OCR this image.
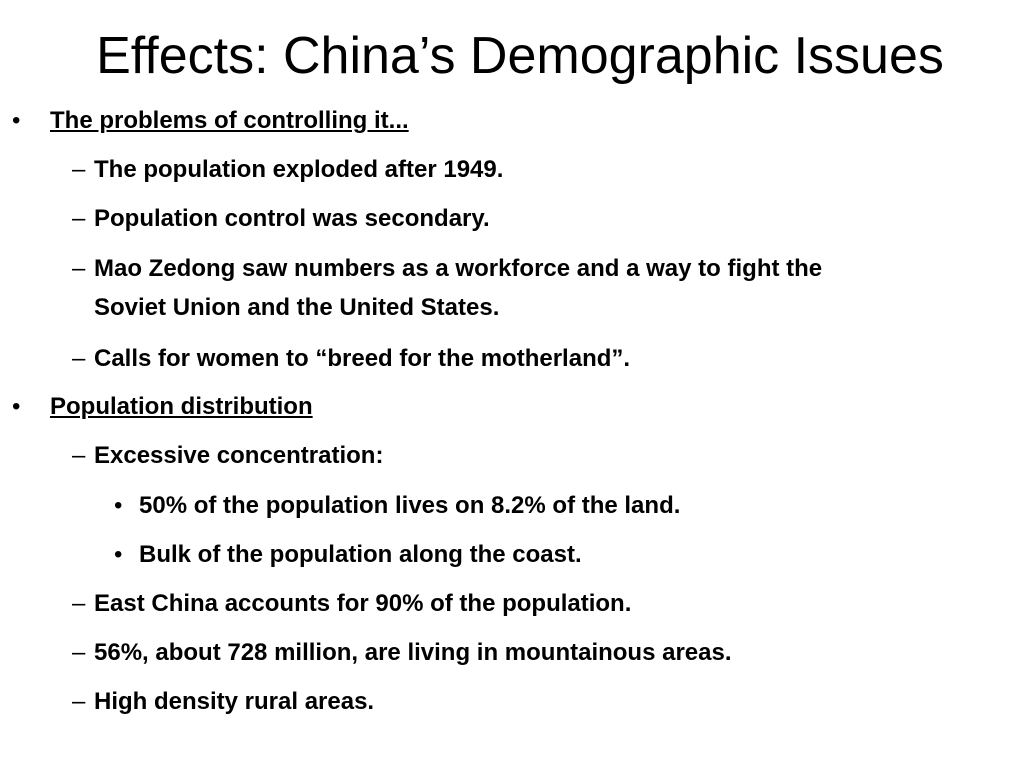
Effects: China’s Demographic Issues
• The problems of controlling it...
– The population exploded after 1949.
– Population control was secondary.
– Mao Zedong saw numbers as a workforce and a way to fight the
Soviet Union and the United States.
– Calls for women to “breed for the motherland”.
• Population distribution
– Excessive concentration:
• 50% of the population lives on 8.2% of the land.
• Bulk of the population along the coast.
– East China accounts for 90% of the population.
– 56%, about 728 million, are living in mountainous areas.
– High density rural areas.
